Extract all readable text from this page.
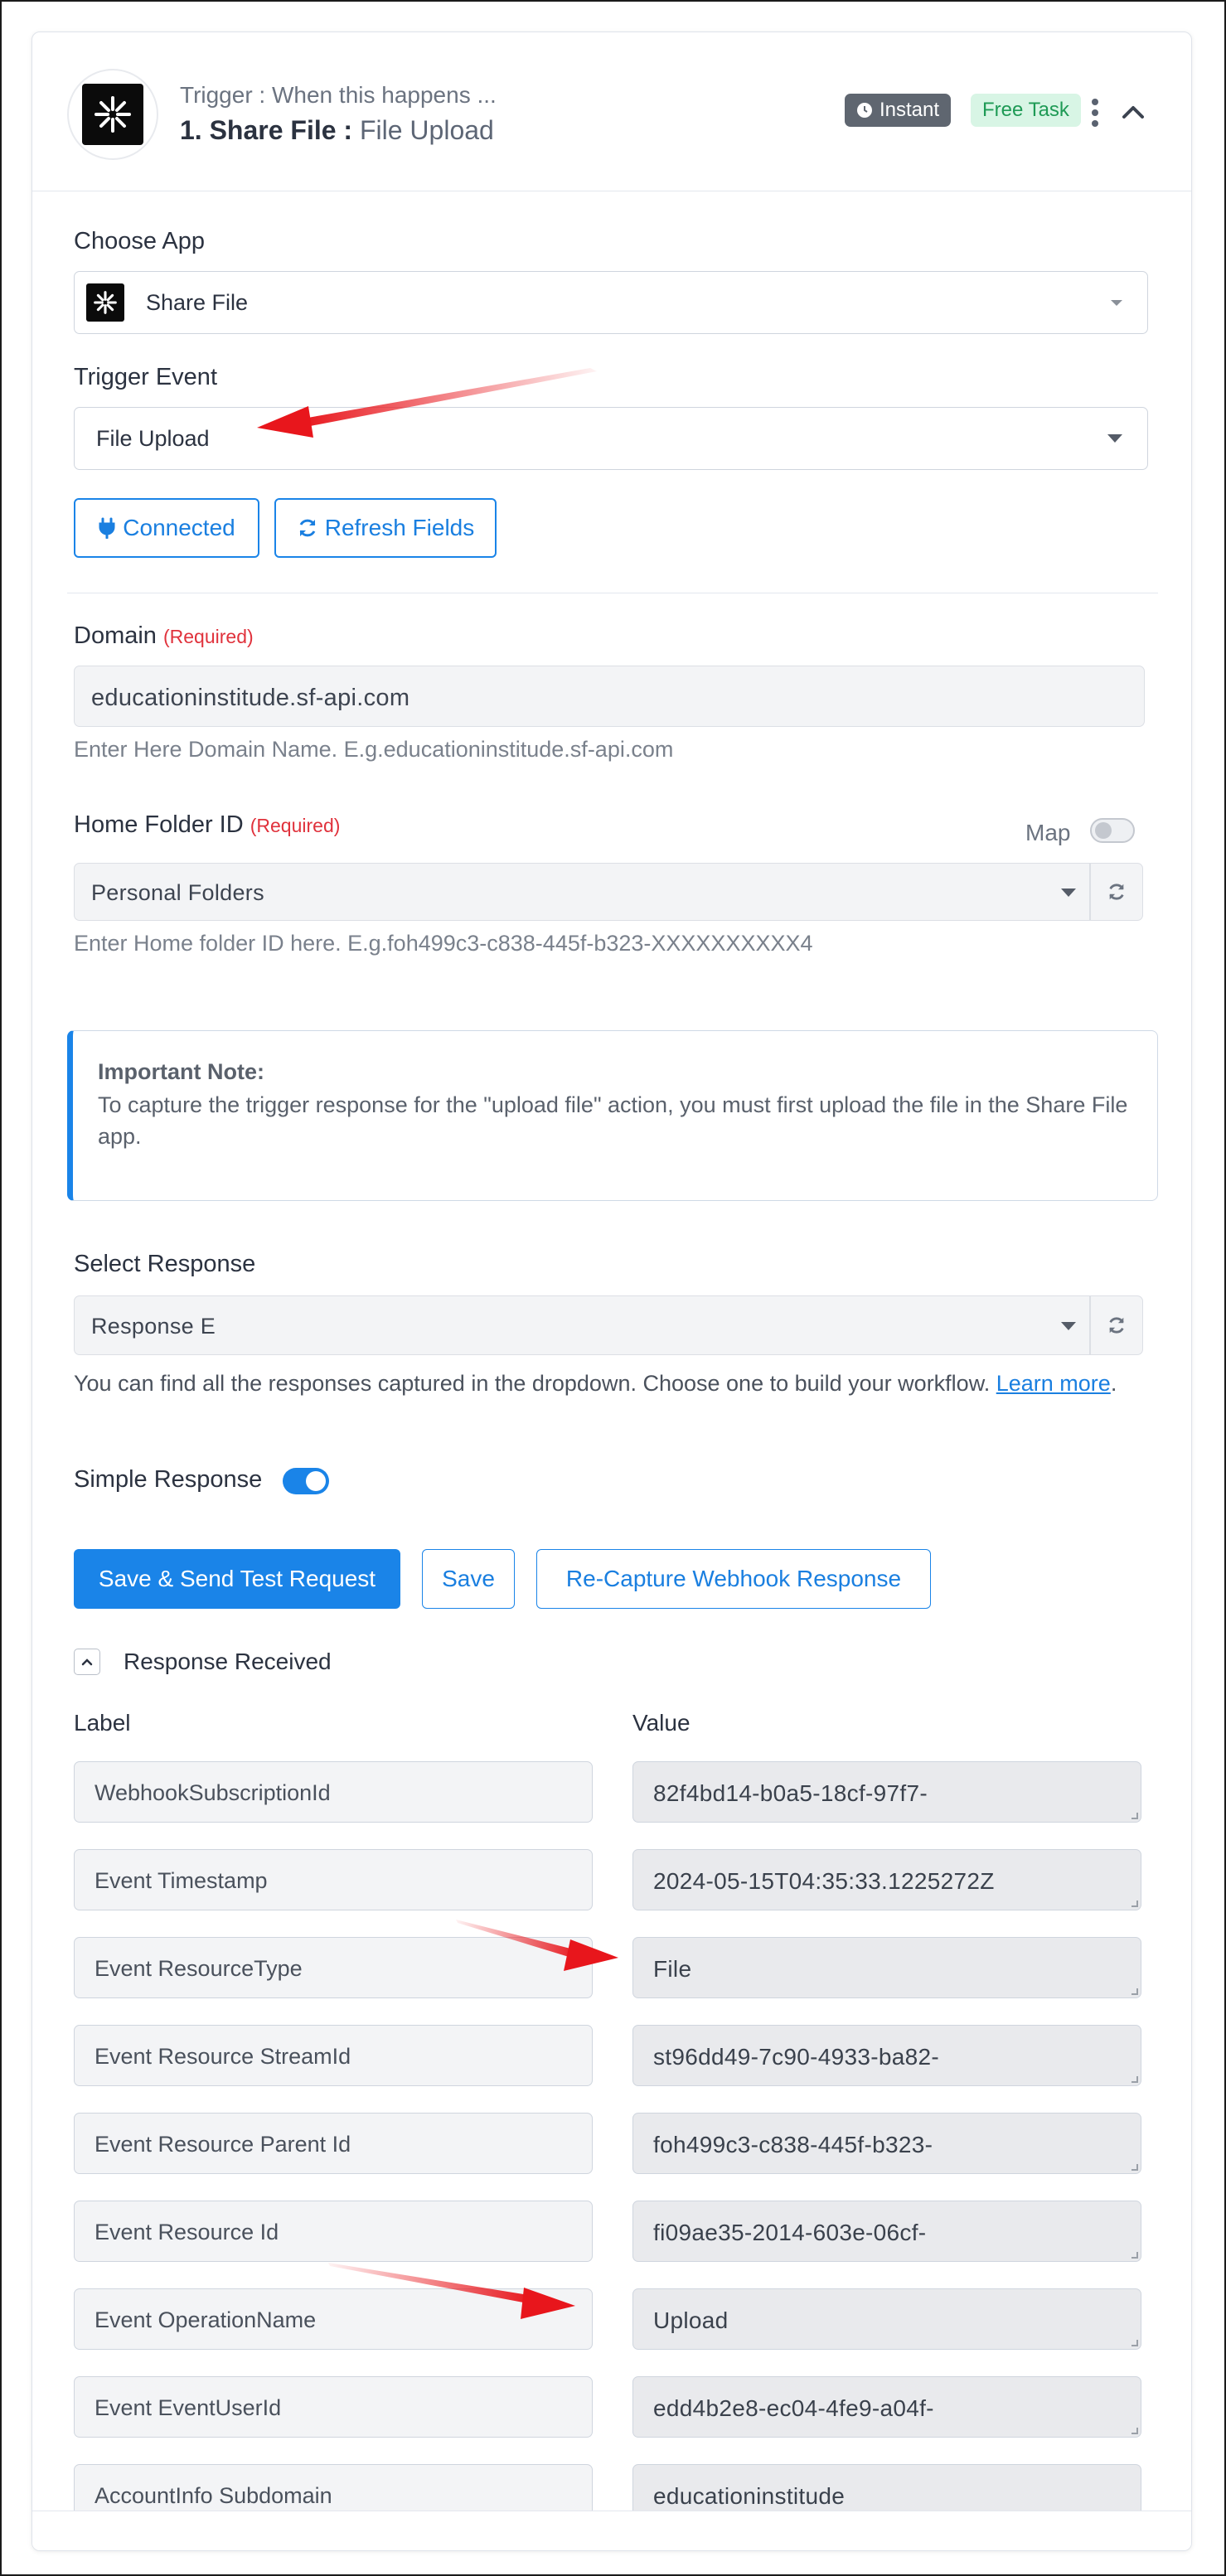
Trigger : When this happens ...
1. Share File : File Upload
Instant	Free Task
Choose App
Share File
Trigger Event
File Upload
Connected	Refresh Fields
Domain (Required)
educationinstitude.sf-api.com
Enter Here Domain Name. E.g.educationinstitude.sf-api.com
Home Folder ID (Required)	Map
Personal Folders
Enter Home folder ID here. E.g.foh499c3-c838-445f-b323-XXXXXXXXXX4
Important Note:
To capture the trigger response for the "upload file" action, you must first upload the file in the Share File app.
Select Response
Response E
You can find all the responses captured in the dropdown. Choose one to build your workflow. Learn more.
Simple Response
Save & Send Test Request	Save	Re-Capture Webhook Response
Response Received
Label	Value
WebhookSubscriptionId	82f4bd14-b0a5-18cf-97f7-
Event Timestamp	2024-05-15T04:35:33.1225272Z
Event ResourceType	File
Event Resource StreamId	st96dd49-7c90-4933-ba82-
Event Resource Parent Id	foh499c3-c838-445f-b323-
Event Resource Id	fi09ae35-2014-603e-06cf-
Event OperationName	Upload
Event EventUserId	edd4b2e8-ec04-4fe9-a04f-
AccountInfo Subdomain	educationinstitude
